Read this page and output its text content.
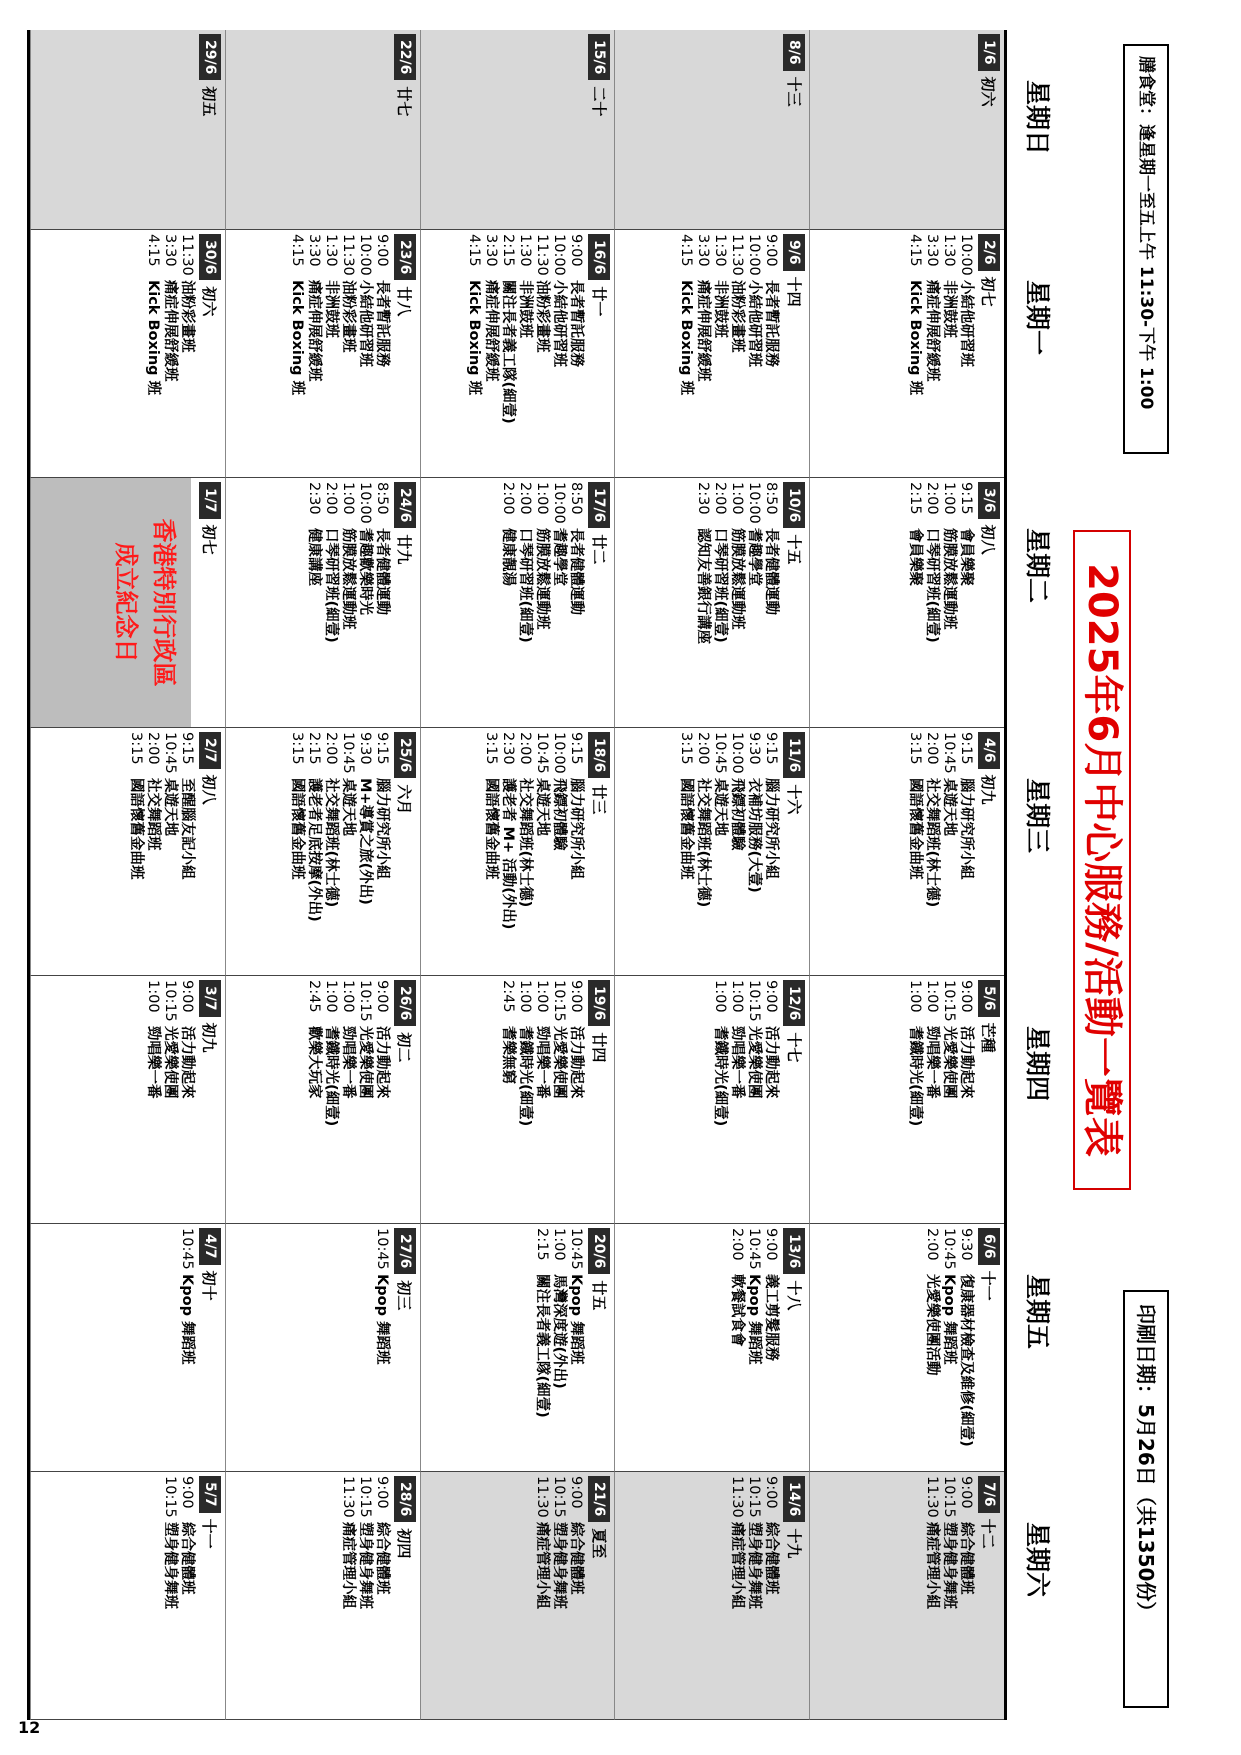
膳食堂：逢星期一至五上午 11:30-下午 1:00
2025年6月中心服務/活動一覽表
印刷日期：5月26日（共1350份）
星期日
星期一
星期二
星期三
星期四
星期五
星期六
1/6
初六
2/6
初七
10:00
小結他研習班
1:30
非洲鼓班
3:30
痛症伸展舒緩班
4:15
Kick Boxing 班
3/6
初八
9:15
會員樂聚
1:00
筋膜放鬆運動班
2:00
口琴研習班(細壹)
2:15
會員樂聚
4/6
初九
9:15
腦力研究所小組
10:45
桌遊天地
2:00
社交舞蹈班(林士德)
3:15
國語懷舊金曲班
5/6
芒種
9:00
活力動起來
10:15
光愛樂使團
1:00
勁唱樂一番
1:00
耆鐵時光(細壹)
6/6
十一
9:30
復康器材檢查及維修(細壹)
10:45
Kpop 舞蹈班
2:00
光愛樂使團活動
7/6
十二
9:00
綜合健體班
10:15
塑身健身舞班
11:30
痛症管理小組
8/6
十三
9/6
十四
9:00
長者暫託服務
10:00
小結他研習班
11:30
油粉彩畫班
1:30
非洲鼓班
3:30
痛症伸展舒緩班
4:15
Kick Boxing 班
10/6
十五
8:50
長者健體運動
10:00
耆趣學堂
1:00
筋膜放鬆運動班
2:00
口琴研習班(細壹)
2:30
認知友善銀行講座
11/6
十六
9:15
腦力研究所小組
9:30
衣補坊服務(大壹)
10:00
飛鏢初體驗
10:45
桌遊天地
2:00
社交舞蹈班(林士德)
3:15
國語懷舊金曲班
12/6
十七
9:00
活力動起來
10:15
光愛樂使團
1:00
勁唱樂一番
1:00
耆鐵時光(細壹)
13/6
十八
9:00
義工剪髮服務
10:45
Kpop 舞蹈班
2:00
軟餐試食會
14/6
十九
9:00
綜合健體班
10:15
塑身健身舞班
11:30
痛症管理小組
15/6
二十
16/6
廿一
9:00
長者暫託服務
10:00
小結他研習班
11:30
油粉彩畫班
1:30
非洲鼓班
2:15
關注長者義工隊(細壹)
3:30
痛症伸展舒緩班
4:15
Kick Boxing 班
17/6
廿二
8:50
長者健體運動
10:00
耆趣學堂
1:00
筋膜放鬆運動班
2:00
口琴研習班(細壹)
2:00
健康靚湯
18/6
廿三
9:15
腦力研究所小組
10:00
飛鏢初體驗
10:45
桌遊天地
2:00
社交舞蹈班(林士德)
2:30
護老者 M+ 活動(外出)
3:15
國語懷舊金曲班
19/6
廿四
9:00
活力動起來
10:15
光愛樂使團
1:00
勁唱樂一番
1:00
耆鐵時光(細壹)
2:45
耆樂無窮
20/6
廿五
10:45
Kpop 舞蹈班
1:00
馬灣深度遊(外出)
2:15
關注長者義工隊(細壹)
21/6
夏至
9:00
綜合健體班
10:15
塑身健身舞班
11:30
痛症管理小組
22/6
廿七
23/6
廿八
9:00
長者暫託服務
10:00
小結他研習班
11:30
油粉彩畫班
1:30
非洲鼓班
3:30
痛症伸展舒緩班
4:15
Kick Boxing 班
24/6
廿九
8:50
長者健體運動
10:00
耆趣歡樂時光
1:00
筋膜放鬆運動班
2:00
口琴研習班(細壹)
2:30
健康講座
25/6
六月
9:15
腦力研究所小組
9:30
M+導賞之旅(外出)
10:45
桌遊天地
2:00
社交舞蹈班(林士德)
2:15
護老者足底按摩(外出)
3:15
國語懷舊金曲班
26/6
初二
9:00
活力動起來
10:15
光愛樂使團
1:00
勁唱樂一番
1:00
耆鐵時光(細壹)
2:45
歡樂大玩家
27/6
初三
10:45
Kpop 舞蹈班
28/6
初四
9:00
綜合健體班
10:15
塑身健身舞班
11:30
痛症管理小組
29/6
初五
30/6
初六
11:30
油粉彩畫班
3:30
痛症伸展舒緩班
4:15
Kick Boxing 班
1/7
初七
香港特別行政區
成立紀念日
2/7
初八
9:15
至醒腦友記小組
10:45
桌遊天地
2:00
社交舞蹈班
3:15
國語懷舊金曲班
3/7
初九
9:00
活力動起來
10:15
光愛樂使團
1:00
勁唱樂一番
4/7
初十
10:45
Kpop 舞蹈班
5/7
十一
9:00
綜合健體班
10:15
塑身健身舞班
12
